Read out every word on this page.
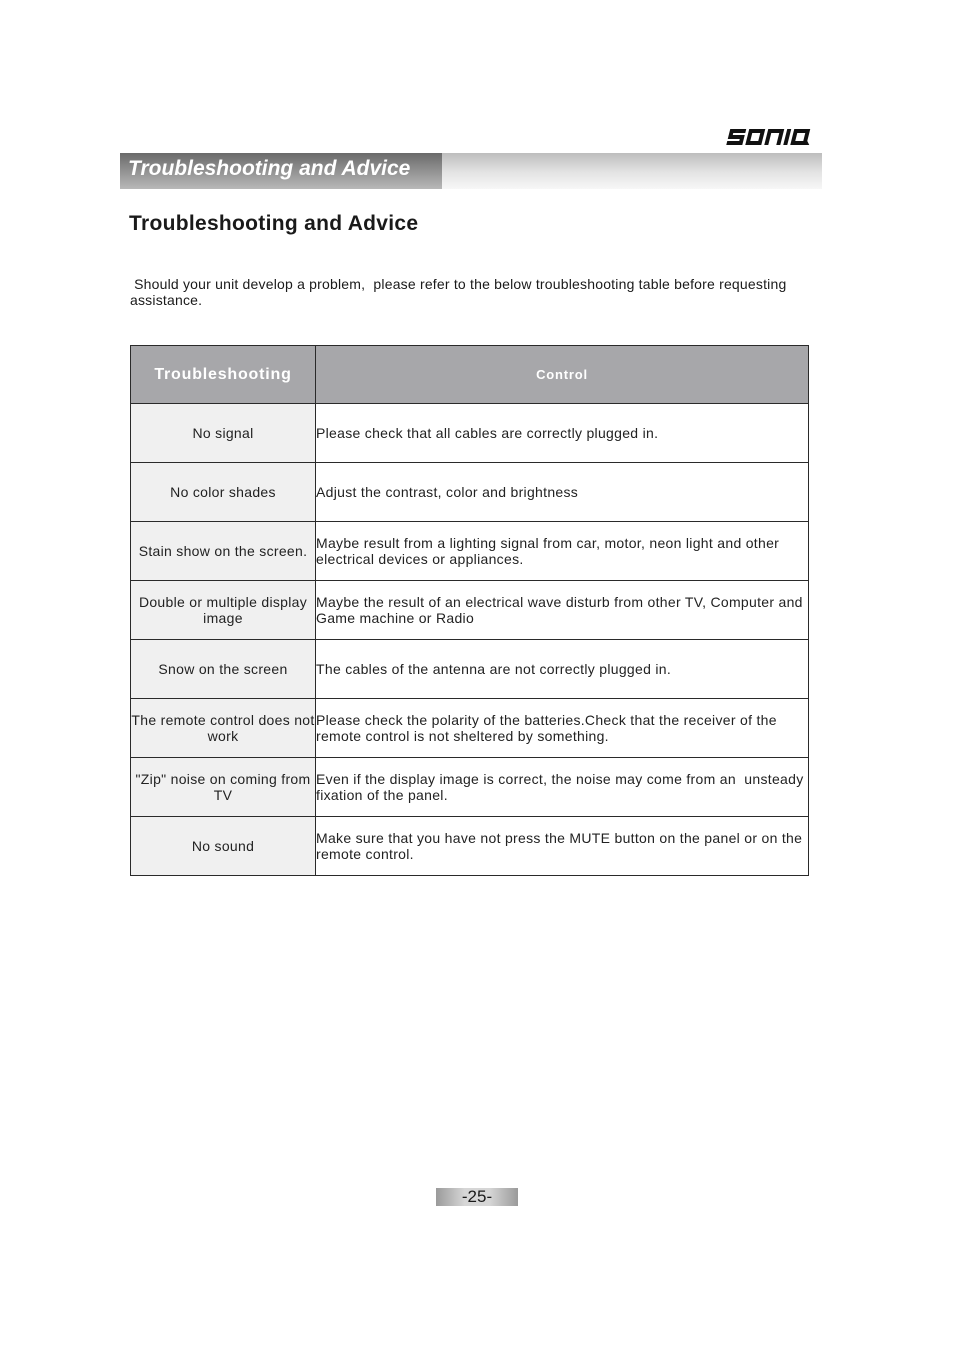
Troubleshooting and Advice
Troubleshooting and Advice
Should your unit develop a problem,  please refer to the below troubleshooting table before requesting assistance.
Troubleshooting	Control
No signal	Please check that all cables are correctly plugged in.
No color shades	Adjust the contrast, color and brightness
Stain show on the screen.	Maybe result from a lighting signal from car, motor, neon light and other electrical devices or appliances.
Double or multiple display image	Maybe the result of an electrical wave disturb from other TV, Computer and Game machine or Radio
Snow on the screen	The cables of the antenna are not correctly plugged in.
The remote control does not work	Please check the polarity of the batteries.Check that the receiver of the remote control is not sheltered by something.
"Zip" noise on coming from TV	Even if the display image is correct, the noise may come from an  unsteady fixation of the panel.
No sound	Make sure that you have not press the MUTE button on the panel or on the remote control.
-25-
